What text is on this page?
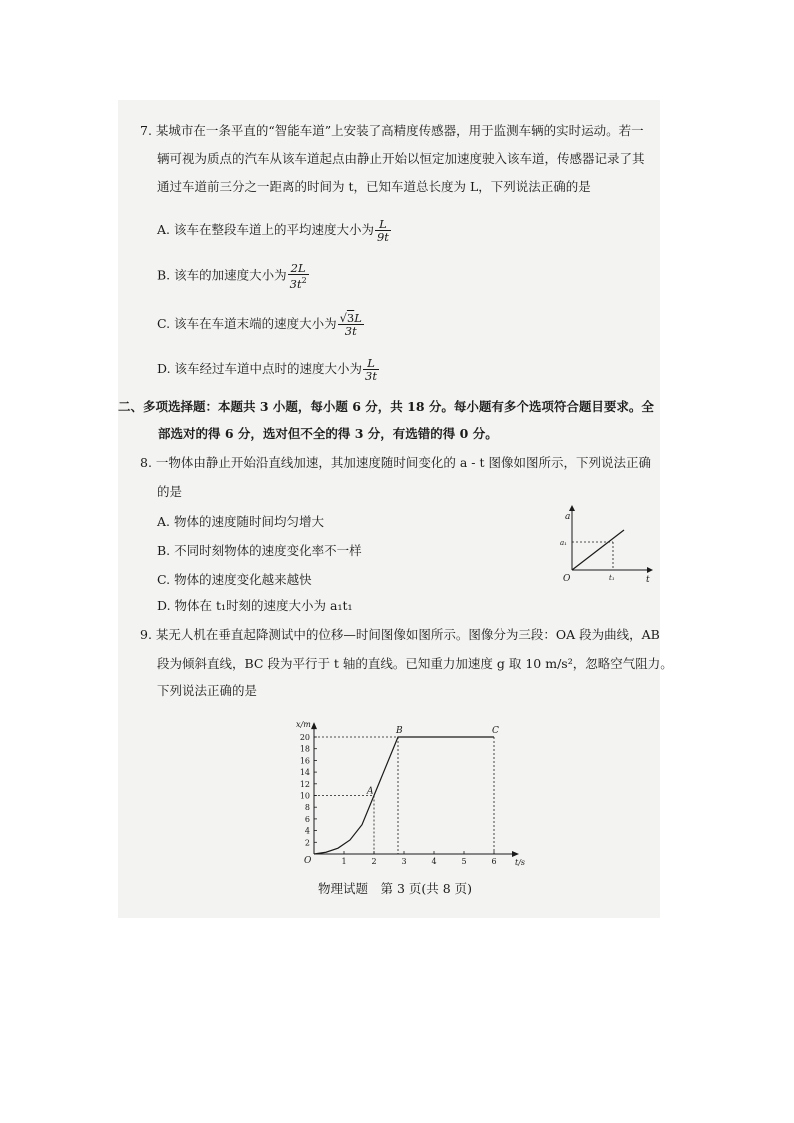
7. 某城市在一条平直的“智能车道”上安装了高精度传感器，用于监测车辆的实时运动。若一
辆可视为质点的汽车从该车道起点由静止开始以恒定加速度驶入该车道，传感器记录了其
通过车道前三分之一距离的时间为 t，已知车道总长度为 L，下列说法正确的是
A. 该车在整段车道上的平均速度大小为 $\frac{L}{9t}$
B. 该车的加速度大小为 $\frac{2L}{3t^2}$
C. 该车在车道末端的速度大小为 $\frac{√3L}{3t}$
D. 该车经过车道中点时的速度大小为 $\frac{L}{3t}$
二、多项选择题：本题共 3 小题，每小题 6 分，共 18 分。每小题有多个选项符合题目要求。全
部选对的得 6 分，选对但不全的得 3 分，有选错的得 0 分。
8. 一物体由静止开始沿直线加速，其加速度随时间变化的 a - t 图像如图所示，下列说法正确
的是
A. 物体的速度随时间均匀增大
B. 不同时刻物体的速度变化率不一样
C. 物体的速度变化越来越快
D. 物体在 t₁时刻的速度大小为 a₁t₁
a
t
O
a₁
t₁
9. 某无人机在垂直起降测试中的位移—时间图像如图所示。图像分为三段：OA 段为曲线，AB
段为倾斜直线，BC 段为平行于 t 轴的直线。已知重力加速度 g 取 10 m/s²，忽略空气阻力。
下列说法正确的是
x/m
t/s
O
2
4
6
8
10
12
14
16
18
20
1	2	3	4	5	6
A
B	C
物理试题　第 3 页(共 8 页)
